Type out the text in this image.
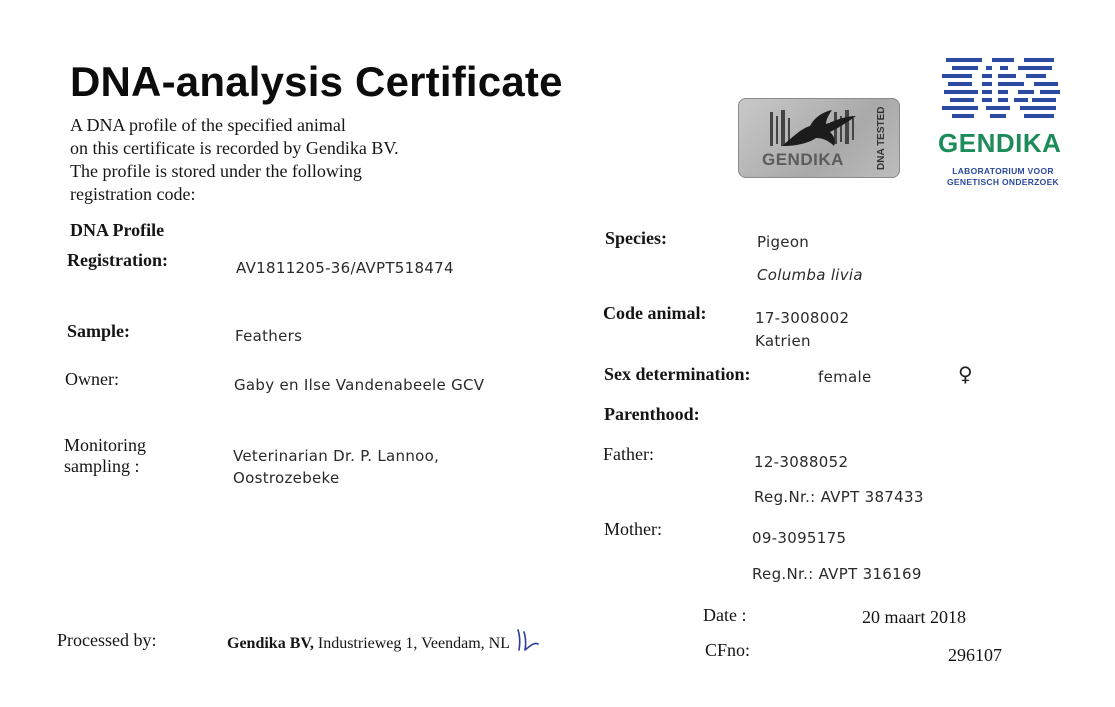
DNA-analysis Certificate
A DNA profile of the specified animal
on this certificate is recorded by Gendika BV.
The profile is stored under the following
registration code:
GENDIKA	DNA TESTED GENDIKA
LABORATORIUM VOOR
GENETISCH ONDERZOEK
DNA Profile
Registration:	AV1811205-36/AVPT518474
Sample:	Feathers
Owner:	Gaby en Ilse Vandenabeele GCV
Monitoring
sampling :	Veterinarian Dr. P. Lannoo,
Oostrozebeke
Species:	Pigeon
Columba livia
Code animal:	17-3008002
Katrien
Sex determination:	female	♀
Parenthood:
Father:	12-3088052
Reg.Nr.: AVPT 387433
Mother:	09-3095175
Reg.Nr.: AVPT 316169
Processed by:	Gendika BV, Industrieweg 1, Veendam, NL
Date :	20 maart 2018
CFno:	296107
